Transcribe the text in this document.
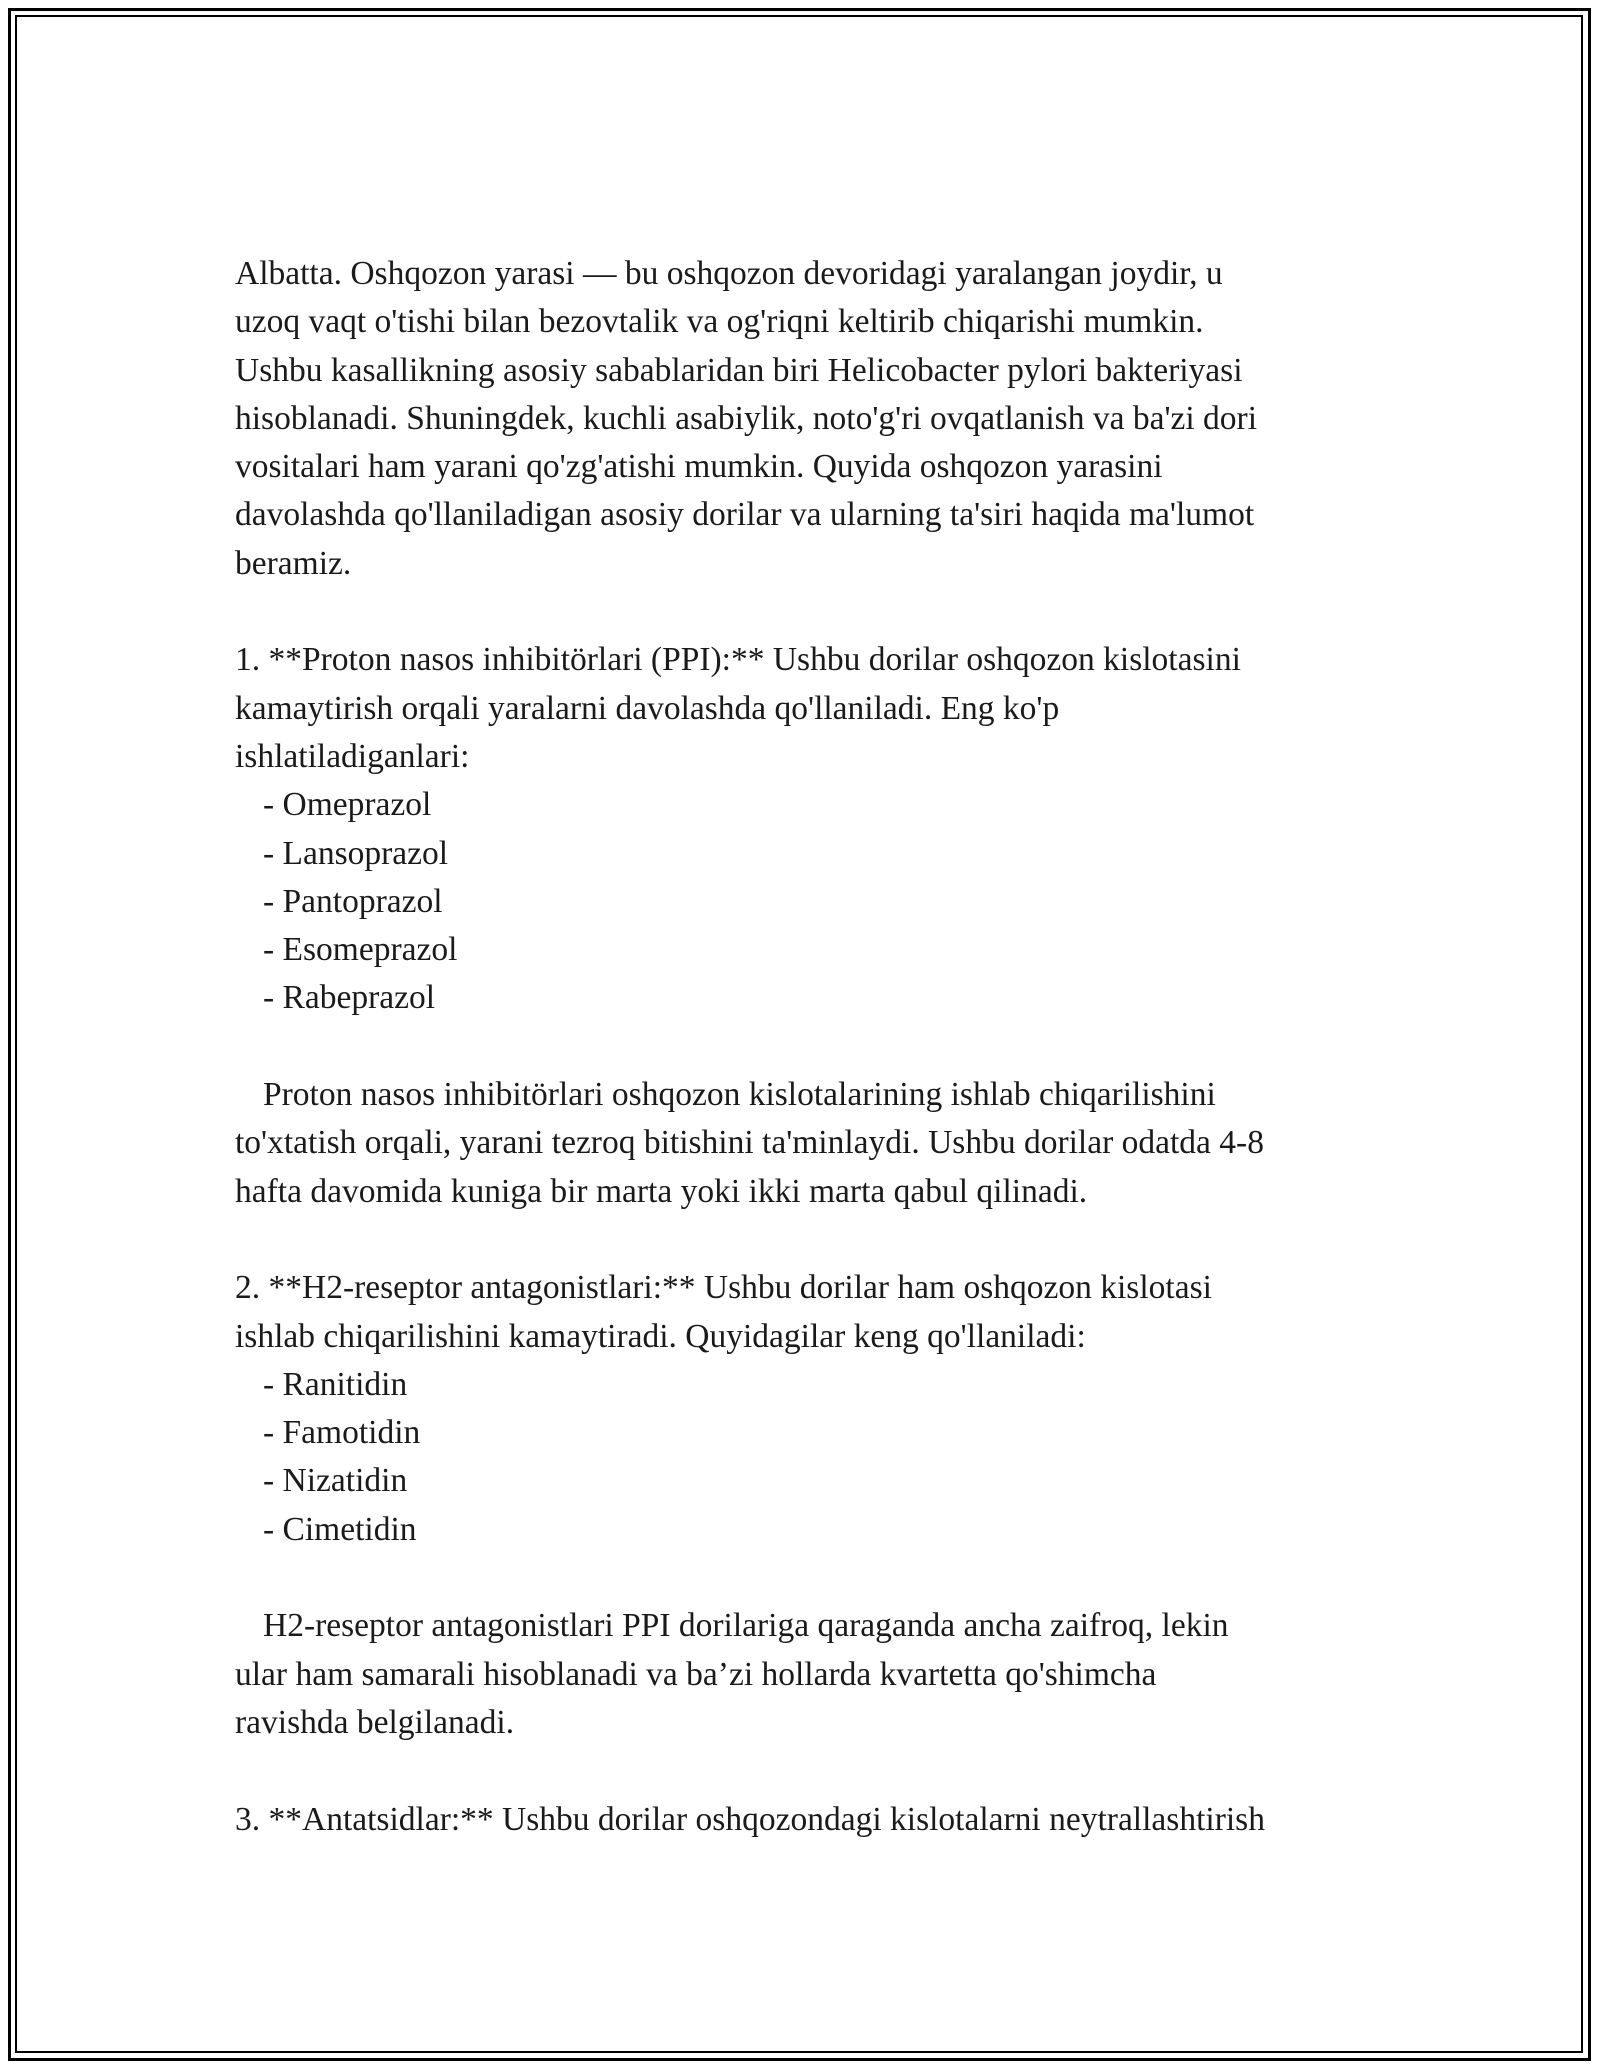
Albatta. Oshqozon yarasi — bu oshqozon devoridagi yaralangan joydir, u
uzoq vaqt o'tishi bilan bezovtalik va og'riqni keltirib chiqarishi mumkin.
Ushbu kasallikning asosiy sabablaridan biri Helicobacter pylori bakteriyasi
hisoblanadi. Shuningdek, kuchli asabiylik, noto'g'ri ovqatlanish va ba'zi dori
vositalari ham yarani qo'zg'atishi mumkin. Quyida oshqozon yarasini
davolashda qo'llaniladigan asosiy dorilar va ularning ta'siri haqida ma'lumot
beramiz.
1. **Proton nasos inhibitörlari (PPI):** Ushbu dorilar oshqozon kislotasini
kamaytirish orqali yaralarni davolashda qo'llaniladi. Eng ko'p
ishlatiladiganlari:
- Omeprazol
- Lansoprazol
- Pantoprazol
- Esomeprazol
- Rabeprazol
Proton nasos inhibitörlari oshqozon kislotalarining ishlab chiqarilishini
to'xtatish orqali, yarani tezroq bitishini ta'minlaydi. Ushbu dorilar odatda 4-8
hafta davomida kuniga bir marta yoki ikki marta qabul qilinadi.
2. **H2-reseptor antagonistlari:** Ushbu dorilar ham oshqozon kislotasi
ishlab chiqarilishini kamaytiradi. Quyidagilar keng qo'llaniladi:
- Ranitidin
- Famotidin
- Nizatidin
- Cimetidin
H2-reseptor antagonistlari PPI dorilariga qaraganda ancha zaifroq, lekin
ular ham samarali hisoblanadi va ba’zi hollarda kvartetta qo'shimcha
ravishda belgilanadi.
3. **Antatsidlar:** Ushbu dorilar oshqozondagi kislotalarni neytrallashtirish
